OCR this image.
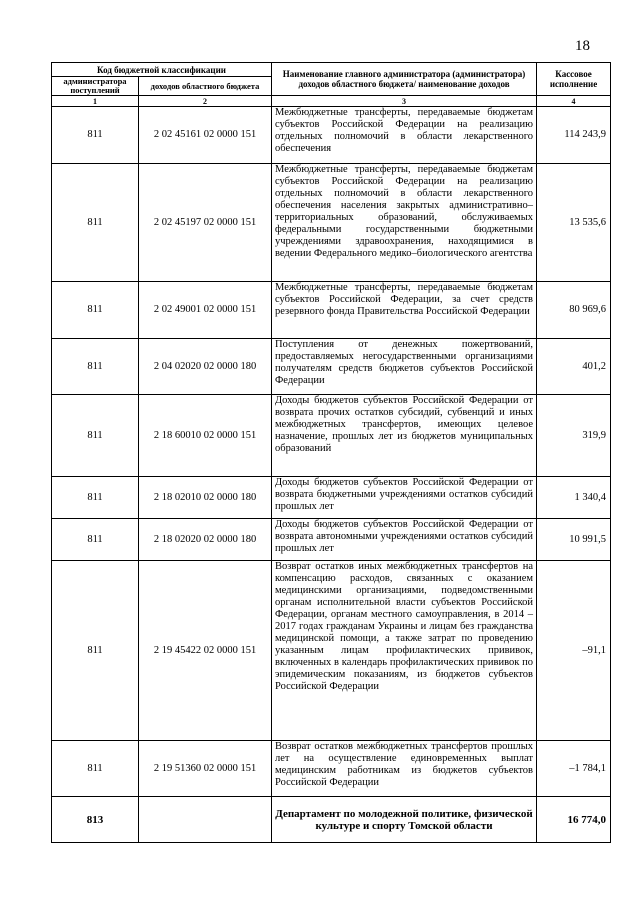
18
Код бюджетной классификации		Наименование главного администратора (администратора) доходов областного бюджета/ наименование доходов	Кассовое исполнение
администратора поступлений	доходов областного бюджета		
1	2	3	4
811	2 02 45161 02 0000 151	Межбюджетные трансферты, передаваемые бюджетам субъектов Российской Федерации на реализацию отдельных полномочий в области лекарственного обеспечения	114 243,9
811	2 02 45197 02 0000 151	Межбюджетные трансферты, передаваемые бюджетам субъектов Российской Федерации на реализацию отдельных полномочий в области лекарственного обеспечения населения закрытых административно–территориальных образований, обслуживаемых федеральными государственными бюджетными учреждениями здравоохранения, находящимися в ведении Федерального медико–биологического агентства	13 535,6
811	2 02 49001 02 0000 151	Межбюджетные трансферты, передаваемые бюджетам субъектов Российской Федерации, за счет средств резервного фонда Правительства Российской Федерации	80 969,6
811	2 04 02020 02 0000 180	Поступления от денежных пожертвований, предоставляемых негосударственными организациями получателям средств бюджетов субъектов Российской Федерации	401,2
811	2 18 60010 02 0000 151	Доходы бюджетов субъектов Российской Федерации от возврата прочих остатков субсидий, субвенций и иных межбюджетных трансфертов, имеющих целевое назначение, прошлых лет из бюджетов муниципальных образований	319,9
811	2 18 02010 02 0000 180	Доходы бюджетов субъектов Российской Федерации от возврата бюджетными учреждениями остатков субсидий прошлых лет	1 340,4
811	2 18 02020 02 0000 180	Доходы бюджетов субъектов Российской Федерации от возврата автономными учреждениями остатков субсидий прошлых лет	10 991,5
811	2 19 45422 02 0000 151	Возврат остатков иных межбюджетных трансфертов на компенсацию расходов, связанных с оказанием медицинскими организациями, подведомственными органам исполнительной власти субъектов Российской Федерации, органам местного самоуправления, в 2014 – 2017 годах гражданам Украины и лицам без гражданства медицинской помощи, а также затрат по проведению указанным лицам профилактических прививок, включенных в календарь профилактических прививок по эпидемическим показаниям, из бюджетов субъектов Российской Федерации	–91,1
811	2 19 51360 02 0000 151	Возврат остатков межбюджетных трансфертов прошлых лет на осуществление единовременных выплат медицинским работникам из бюджетов субъектов Российской Федерации	–1 784,1
813		Департамент по молодежной политике, физической культуре и спорту Томской области	16 774,0
